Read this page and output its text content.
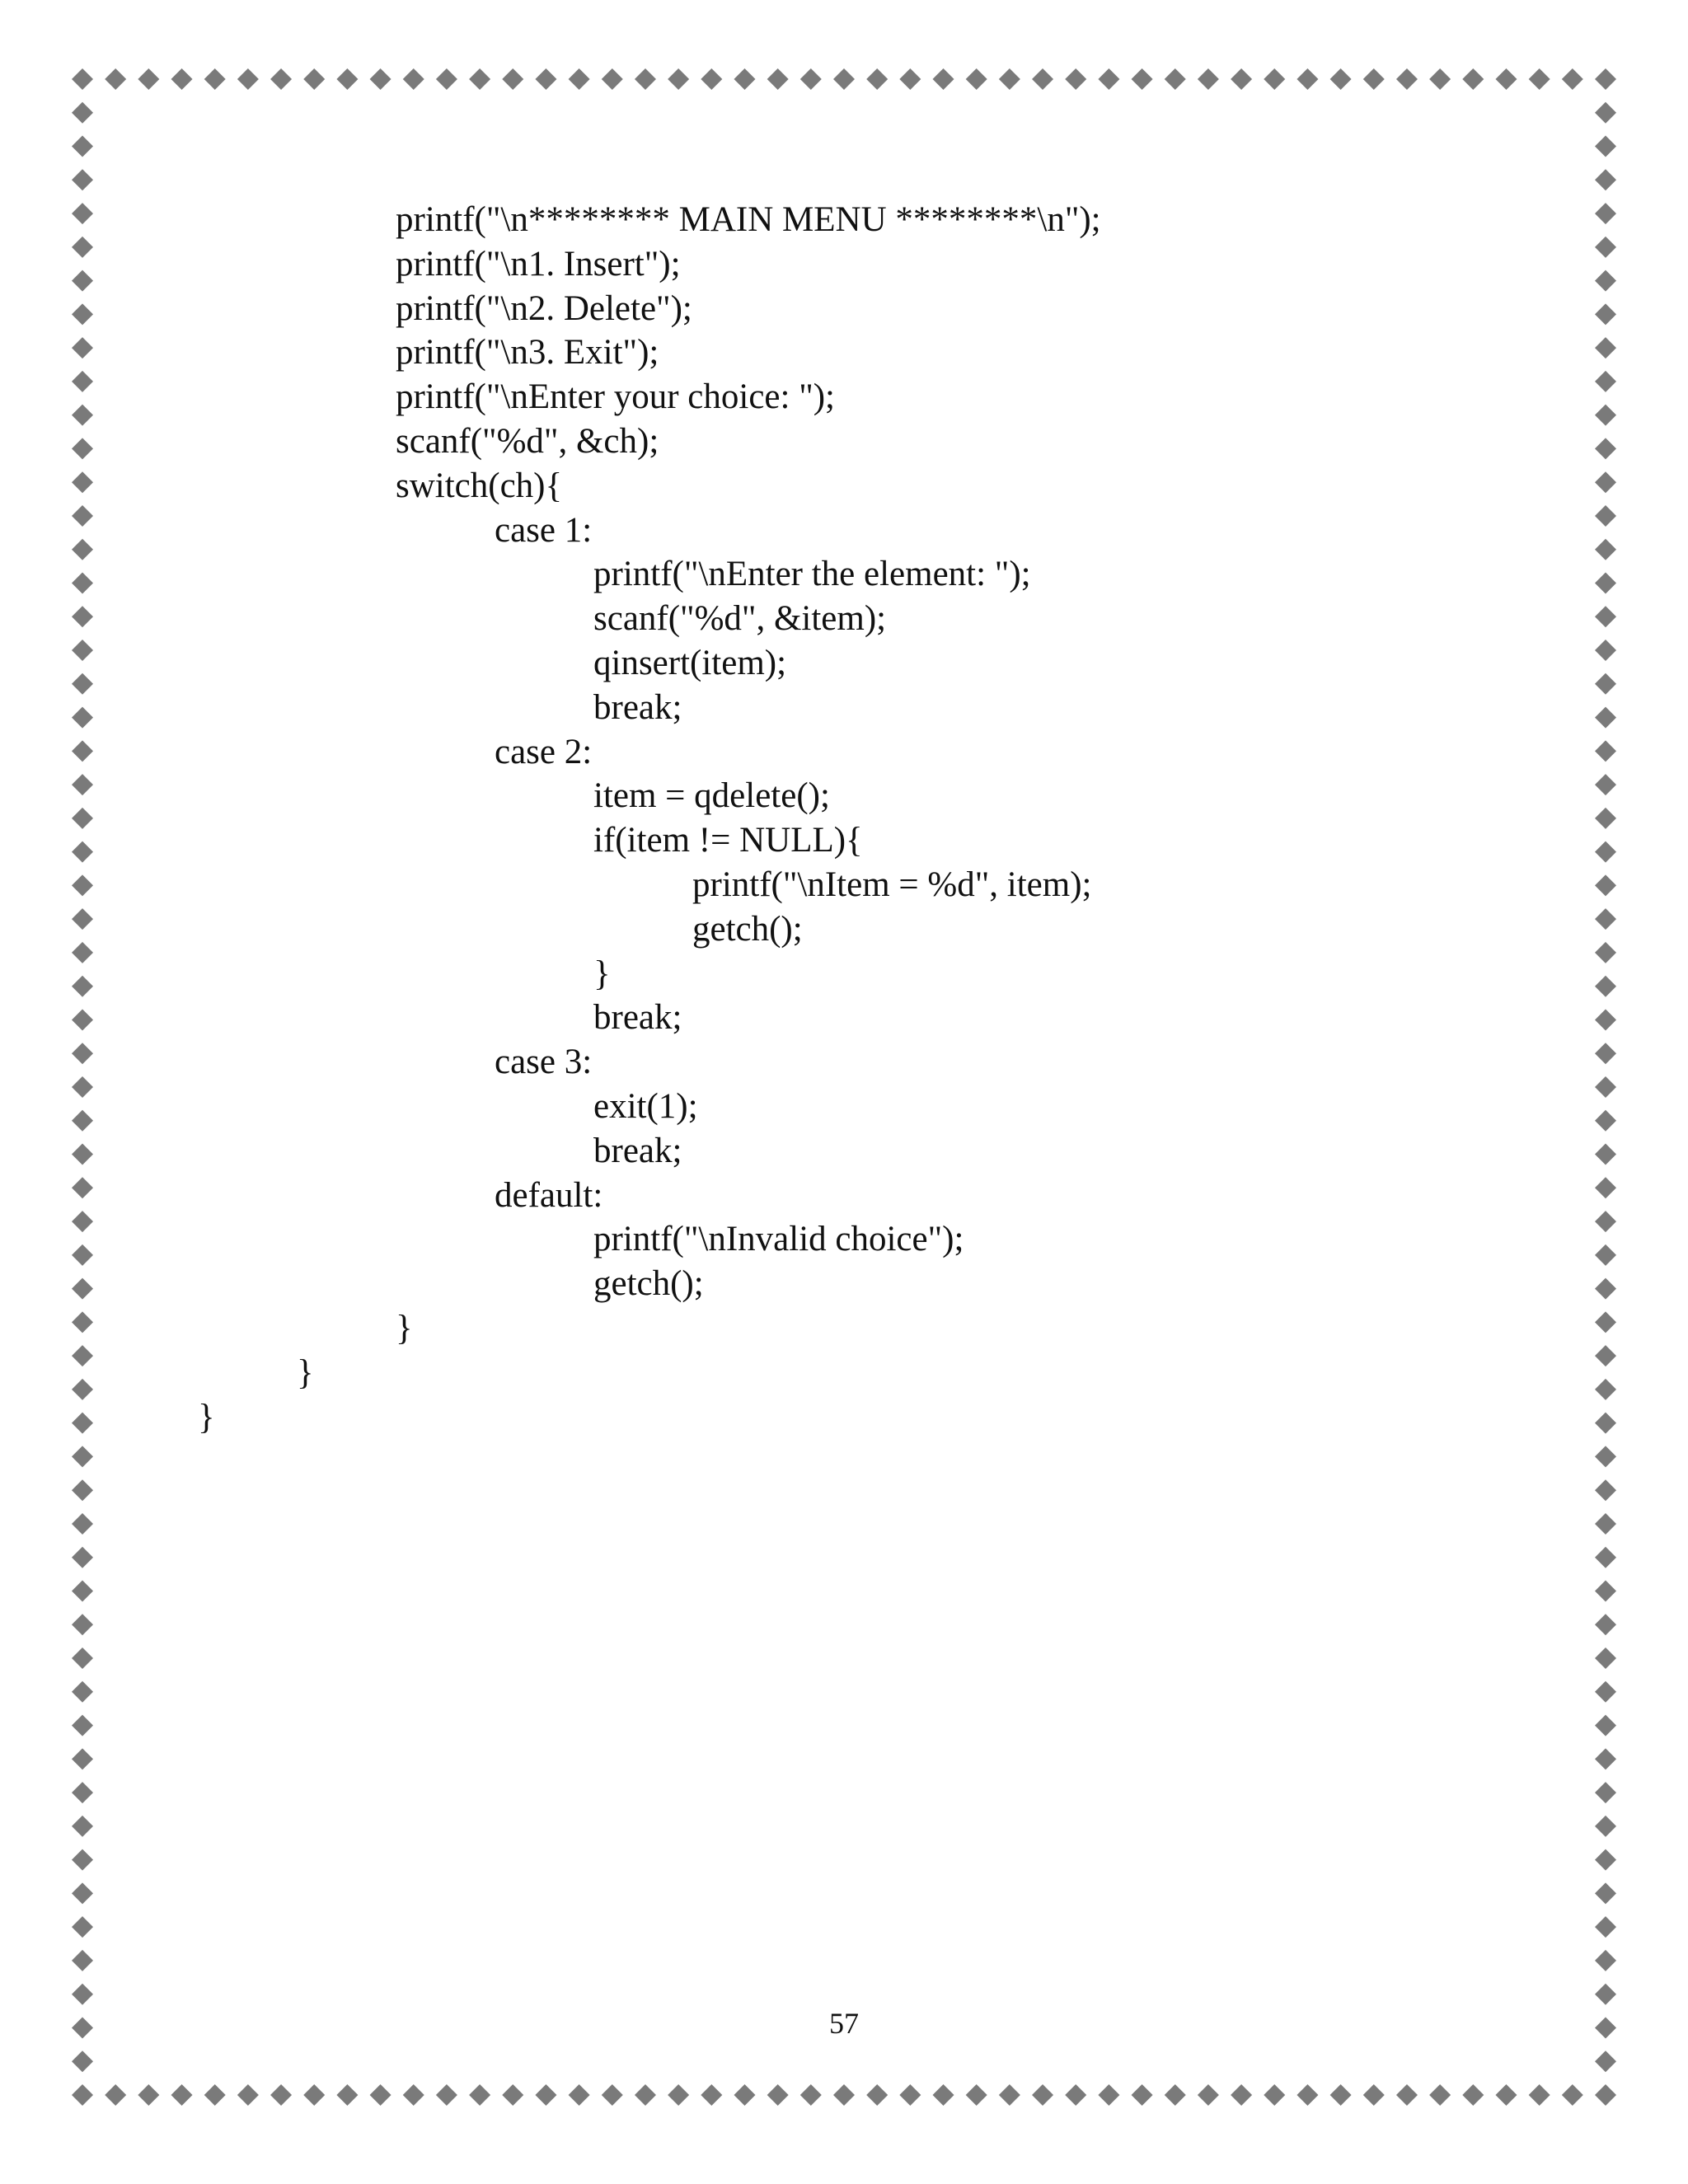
printf("\n******** MAIN MENU ********\n");
printf("\n1. Insert");
printf("\n2. Delete");
printf("\n3. Exit");
printf("\nEnter your choice: ");
scanf("%d", &ch);
switch(ch){
case 1:
printf("\nEnter the element: ");
scanf("%d", &item);
qinsert(item);
break;
case 2:
item = qdelete();
if(item != NULL){
printf("\nItem = %d", item);
getch();
}
break;
case 3:
exit(1);
break;
default:
printf("\nInvalid choice");
getch();
}
}
}
57
